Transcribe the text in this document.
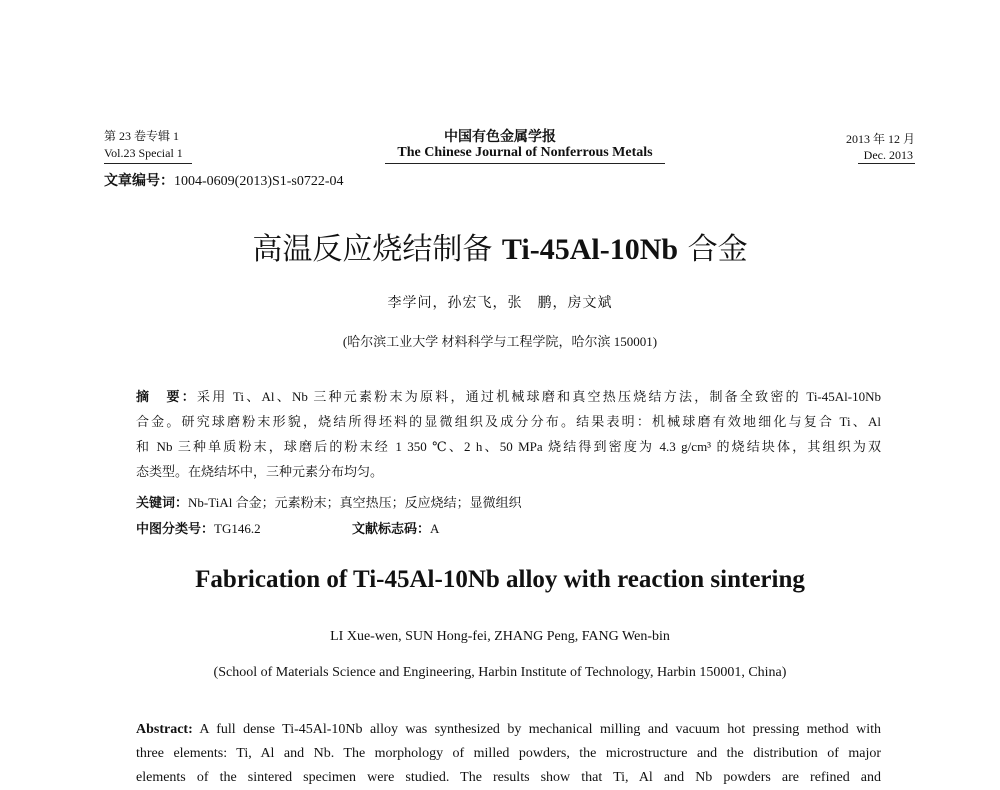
第 23 卷专辑 1
Vol.23 Special 1
中国有色金属学报
The Chinese Journal of Nonferrous Metals
2013 年 12 月
Dec. 2013
文章编号：1004-0609(2013)S1-s0722-04
高温反应烧结制备 Ti-45Al-10Nb 合金
李学问，孙宏飞，张　鹏，房文斌
(哈尔滨工业大学 材料科学与工程学院，哈尔滨 150001)
摘　要：采用 Ti、Al、Nb 三种元素粉末为原料，通过机械球磨和真空热压烧结方法，制备全致密的 Ti-45Al-10Nb
合金。研究球磨粉末形貌，烧结所得坯料的显微组织及成分分布。结果表明：机械球磨有效地细化与复合 Ti、Al
和 Nb 三种单质粉末，球磨后的粉末经 1 350 ℃、2 h、50 MPa 烧结得到密度为 4.3 g/cm³ 的烧结块体，其组织为双
态类型。在烧结坏中，三种元素分布均匀。
关键词：Nb-TiAl 合金；元素粉末；真空热压；反应烧结；显微组织
中图分类号：TG146.2	文献标志码：A
Fabrication of Ti-45Al-10Nb alloy with reaction sintering
LI Xue-wen, SUN Hong-fei, ZHANG Peng, FANG Wen-bin
(School of Materials Science and Engineering, Harbin Institute of Technology, Harbin 150001, China)
Abstract: A full dense Ti-45Al-10Nb alloy was synthesized by mechanical milling and vacuum hot pressing method with
three elements: Ti, Al and Nb. The morphology of milled powders, the microstructure and the distribution of major
elements of the sintered specimen were studied. The results show that Ti, Al and Nb powders are refined and
